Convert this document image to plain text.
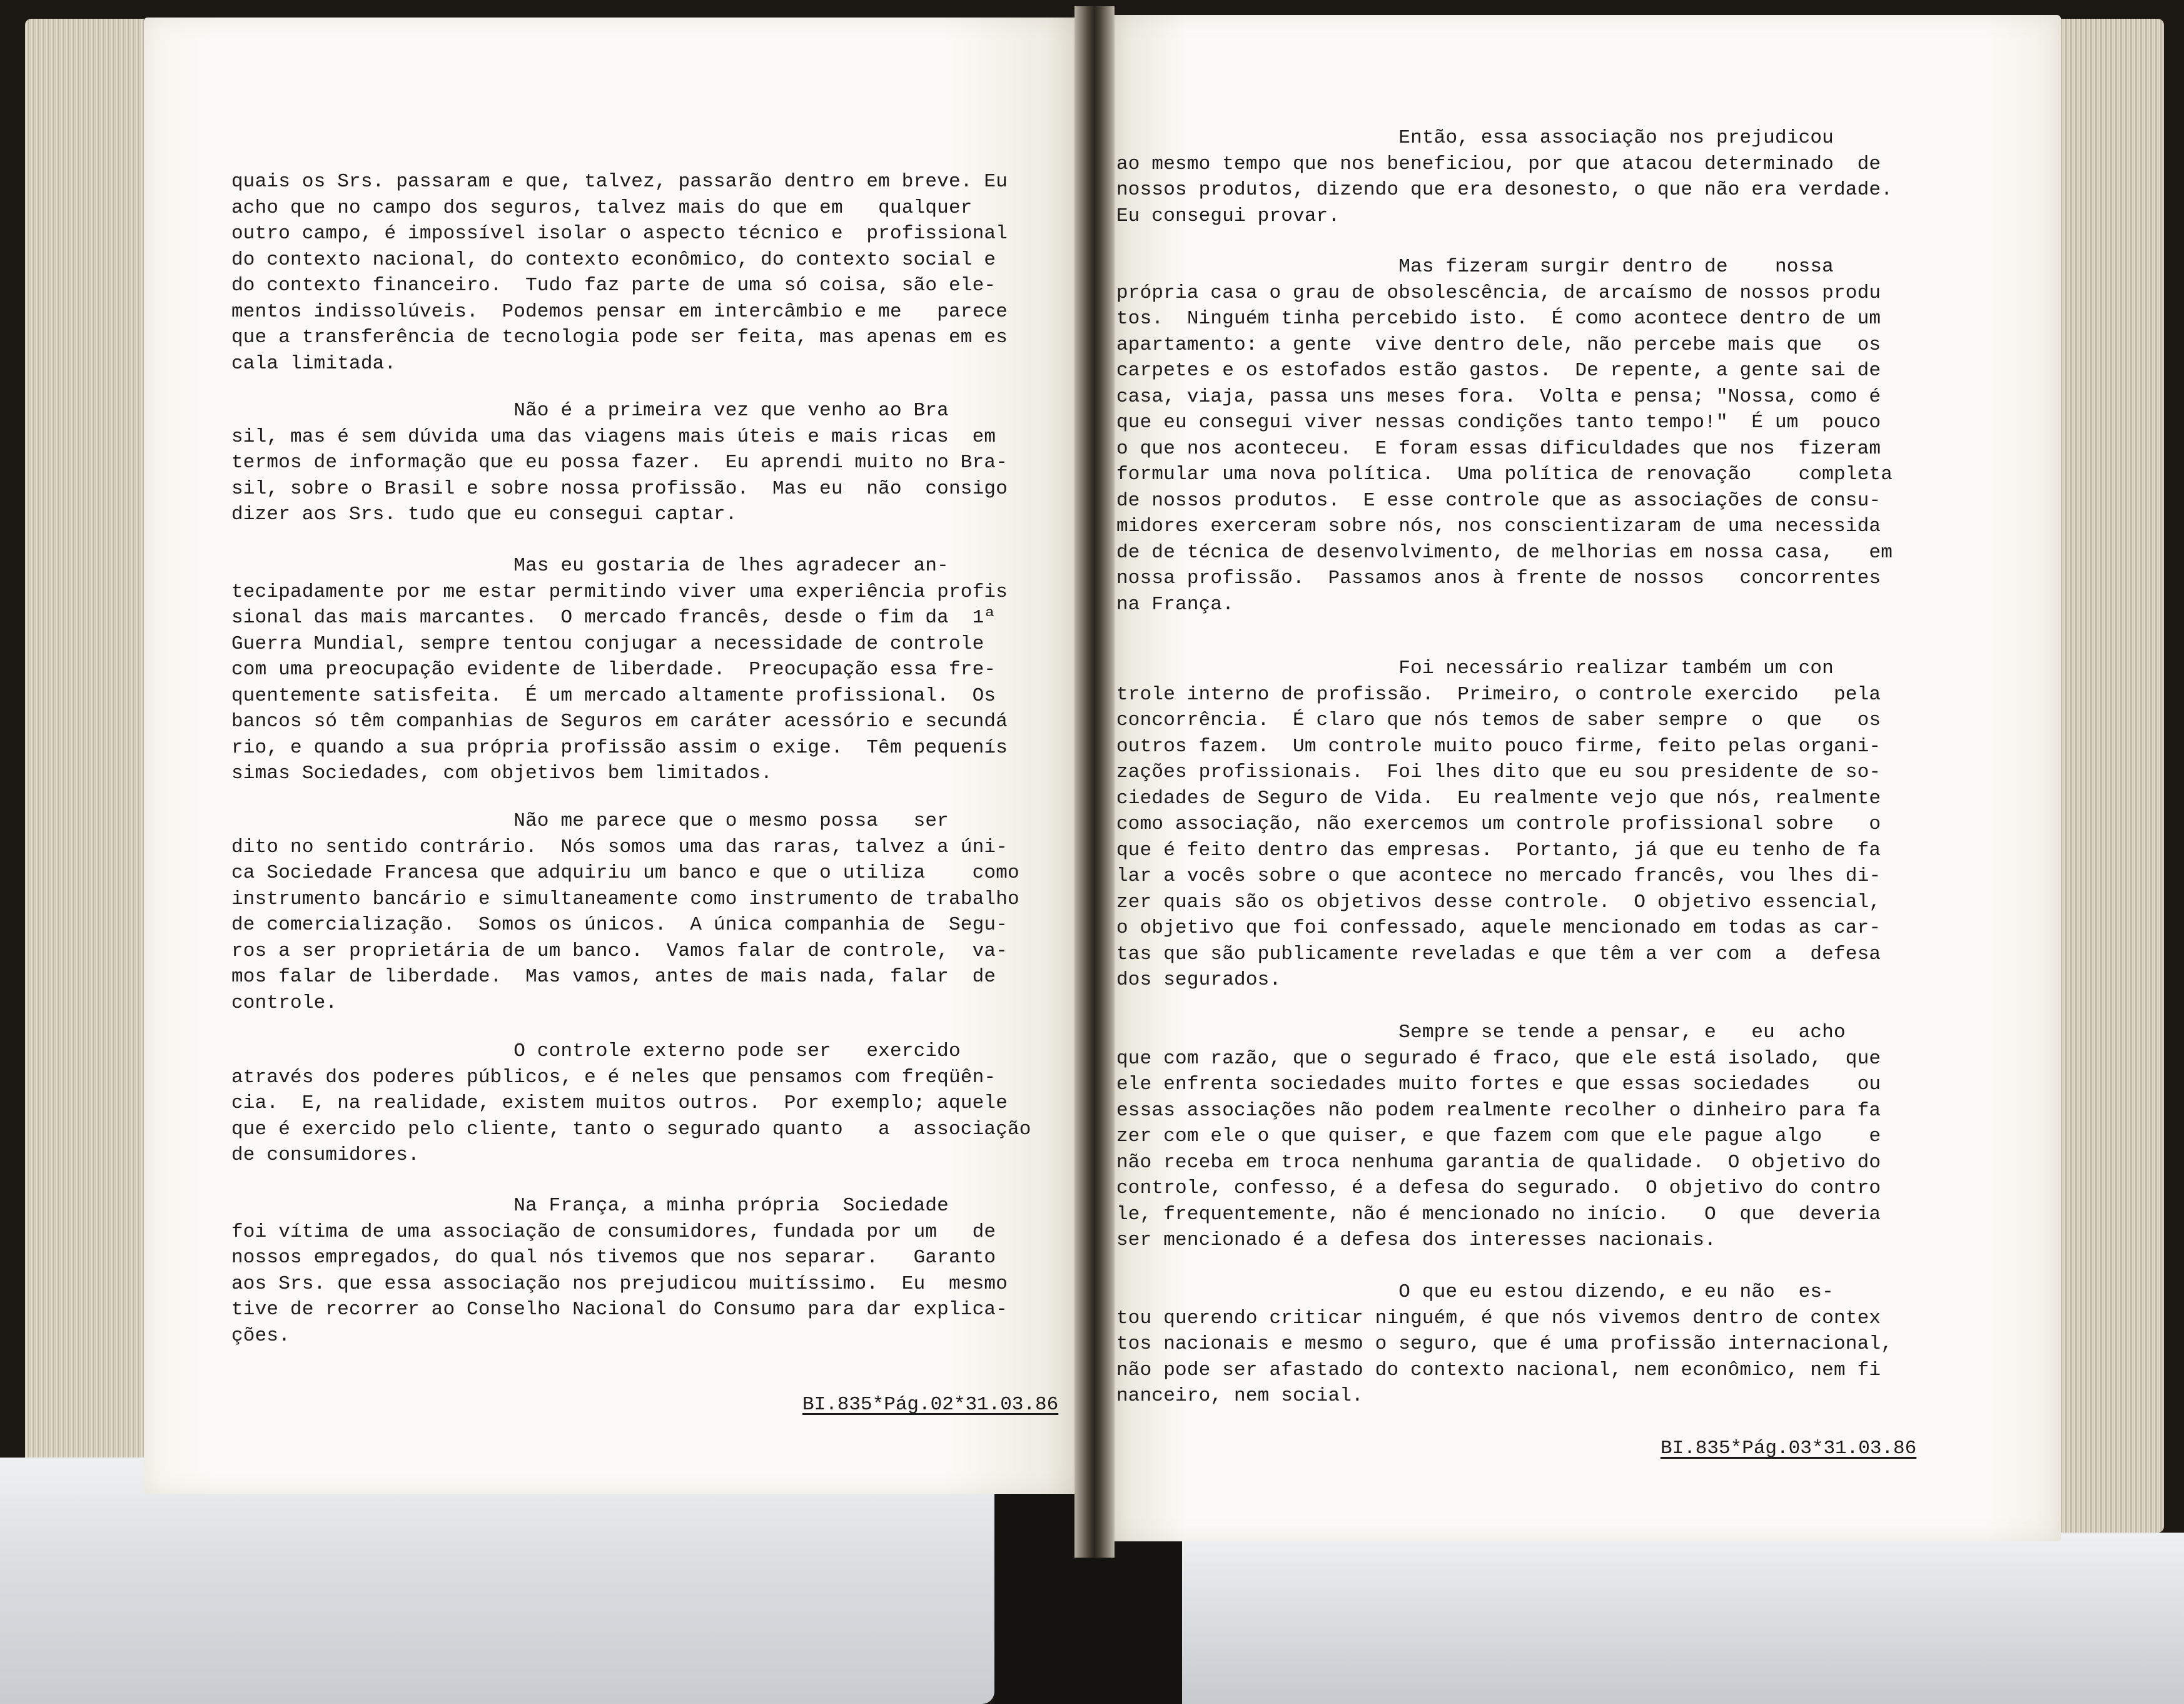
quais os Srs. passaram e que, talvez, passarão dentro em breve. Eu

acho que no campo dos seguros, talvez mais do que em   qualquer

outro campo, é impossível isolar o aspecto técnico e  profissional

do contexto nacional, do contexto econômico, do contexto social e

do contexto financeiro.  Tudo faz parte de uma só coisa, são ele-

mentos indissolúveis.  Podemos pensar em intercâmbio e me   parece

que a transferência de tecnologia pode ser feita, mas apenas em es

cala limitada.

Não é a primeira vez que venho ao Bra

sil, mas é sem dúvida uma das viagens mais úteis e mais ricas  em

termos de informação que eu possa fazer.  Eu aprendi muito no Bra-

sil, sobre o Brasil e sobre nossa profissão.  Mas eu  não  consigo

dizer aos Srs. tudo que eu consegui captar.

Mas eu gostaria de lhes agradecer an-

tecipadamente por me estar permitindo viver uma experiência profis

sional das mais marcantes.  O mercado francês, desde o fim da  1ª

Guerra Mundial, sempre tentou conjugar a necessidade de controle

com uma preocupação evidente de liberdade.  Preocupação essa fre-

quentemente satisfeita.  É um mercado altamente profissional.  Os

bancos só têm companhias de Seguros em caráter acessório e secundá

rio, e quando a sua própria profissão assim o exige.  Têm pequenís

simas Sociedades, com objetivos bem limitados.

Não me parece que o mesmo possa   ser

dito no sentido contrário.  Nós somos uma das raras, talvez a úni-

ca Sociedade Francesa que adquiriu um banco e que o utiliza    como

instrumento bancário e simultaneamente como instrumento de trabalho

de comercialização.  Somos os únicos.  A única companhia de  Segu-

ros a ser proprietária de um banco.  Vamos falar de controle,  va-

mos falar de liberdade.  Mas vamos, antes de mais nada, falar  de

controle.

O controle externo pode ser   exercido

através dos poderes públicos, e é neles que pensamos com freqüên-

cia.  E, na realidade, existem muitos outros.  Por exemplo; aquele

que é exercido pelo cliente, tanto o segurado quanto   a  associação

de consumidores.

Na França, a minha própria  Sociedade

foi vítima de uma associação de consumidores, fundada por um   de

nossos empregados, do qual nós tivemos que nos separar.   Garanto

aos Srs. que essa associação nos prejudicou muitíssimo.  Eu  mesmo

tive de recorrer ao Conselho Nacional do Consumo para dar explica-

ções.

BI.835*Pág.02*31.03.86

Então, essa associação nos prejudicou

ao mesmo tempo que nos beneficiou, por que atacou determinado  de

nossos produtos, dizendo que era desonesto, o que não era verdade.

Eu consegui provar.

Mas fizeram surgir dentro de    nossa

própria casa o grau de obsolescência, de arcaísmo de nossos produ

tos.  Ninguém tinha percebido isto.  É como acontece dentro de um

apartamento: a gente  vive dentro dele, não percebe mais que   os

carpetes e os estofados estão gastos.  De repente, a gente sai de

casa, viaja, passa uns meses fora.  Volta e pensa; "Nossa, como é

que eu consegui viver nessas condições tanto tempo!"  É um  pouco

o que nos aconteceu.  E foram essas dificuldades que nos  fizeram

formular uma nova política.  Uma política de renovação    completa

de nossos produtos.  E esse controle que as associações de consu-

midores exerceram sobre nós, nos conscientizaram de uma necessida

de de técnica de desenvolvimento, de melhorias em nossa casa,   em

nossa profissão.  Passamos anos à frente de nossos   concorrentes

na França.

Foi necessário realizar também um con

trole interno de profissão.  Primeiro, o controle exercido   pela

concorrência.  É claro que nós temos de saber sempre  o  que   os

outros fazem.  Um controle muito pouco firme, feito pelas organi-

zações profissionais.  Foi lhes dito que eu sou presidente de so-

ciedades de Seguro de Vida.  Eu realmente vejo que nós, realmente

como associação, não exercemos um controle profissional sobre   o

que é feito dentro das empresas.  Portanto, já que eu tenho de fa

lar a vocês sobre o que acontece no mercado francês, vou lhes di-

zer quais são os objetivos desse controle.  O objetivo essencial,

o objetivo que foi confessado, aquele mencionado em todas as car-

tas que são publicamente reveladas e que têm a ver com  a  defesa

dos segurados.

Sempre se tende a pensar, e   eu  acho

que com razão, que o segurado é fraco, que ele está isolado,  que

ele enfrenta sociedades muito fortes e que essas sociedades    ou

essas associações não podem realmente recolher o dinheiro para fa

zer com ele o que quiser, e que fazem com que ele pague algo    e

não receba em troca nenhuma garantia de qualidade.  O objetivo do

controle, confesso, é a defesa do segurado.  O objetivo do contro

le, frequentemente, não é mencionado no início.   O  que  deveria

ser mencionado é a defesa dos interesses nacionais.

O que eu estou dizendo, e eu não  es-

tou querendo criticar ninguém, é que nós vivemos dentro de contex

tos nacionais e mesmo o seguro, que é uma profissão internacional,

não pode ser afastado do contexto nacional, nem econômico, nem fi

nanceiro, nem social.

BI.835*Pág.03*31.03.86
